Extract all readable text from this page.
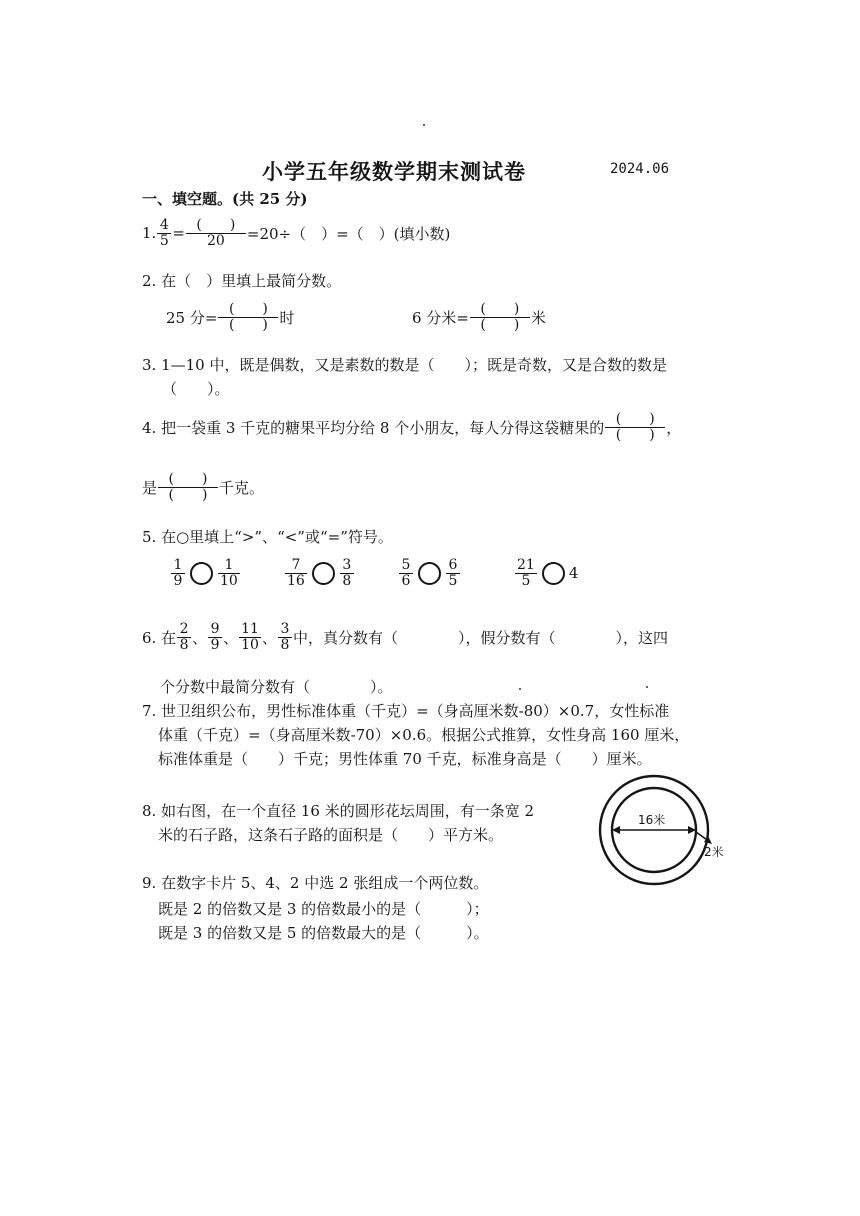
小学五年级数学期末测试卷	2024.06
一、填空题。(共 25 分)
1. $\frac{4}{5} = \frac{( )}{20} =20\div$（　）=（　）(填小数)
2. 在（　）里填上最简分数。
25 分= $\frac{( )}{( )}$ 时	6 分米= $\frac{( )}{( )}$ 米
3. 1—10 中，既是偶数，又是素数的数是（　　）；既是奇数，又是合数的数是
（　　）。
4. 把一袋重 3 千克的糖果平均分给 8 个小朋友，每人分得这袋糖果的 $\frac{( )}{( )}$ ，
是 $\frac{( )}{( )}$ 千克。
5. 在○里填上“>”、“<”或“=”符号。
$\frac{1}{9} \frac{1}{10}$	$\frac{7}{16} \frac{3}{8}$	$\frac{5}{6} \frac{6}{5}$	$\frac{21}{5} 4$
6. 在 $\frac{2}{8}$ 、 $\frac{9}{9}$ 、 $\frac{11}{10}$ 、 $\frac{3}{8}$ 中，真分数有（　　　　），假分数有（　　　　），这四
个分数中最简分数有（　　　　）。
7. 世卫组织公布，男性标准体重（千克）=（身高厘米数-80）×0.7，女性标准
体重（千克）=（身高厘米数-70）×0.6。根据公式推算，女性身高 160 厘米，
标准体重是（　　）千克；男性体重 70 千克，标准身高是（　　）厘米。
8. 如右图，在一个直径 16 米的圆形花坛周围，有一条宽 2
米的石子路，这条石子路的面积是（　　）平方米。
16米
2米
9. 在数字卡片 5、4、2 中选 2 张组成一个两位数。
既是 2 的倍数又是 3 的倍数最小的是（　　　）；
既是 3 的倍数又是 5 的倍数最大的是（　　　）。
